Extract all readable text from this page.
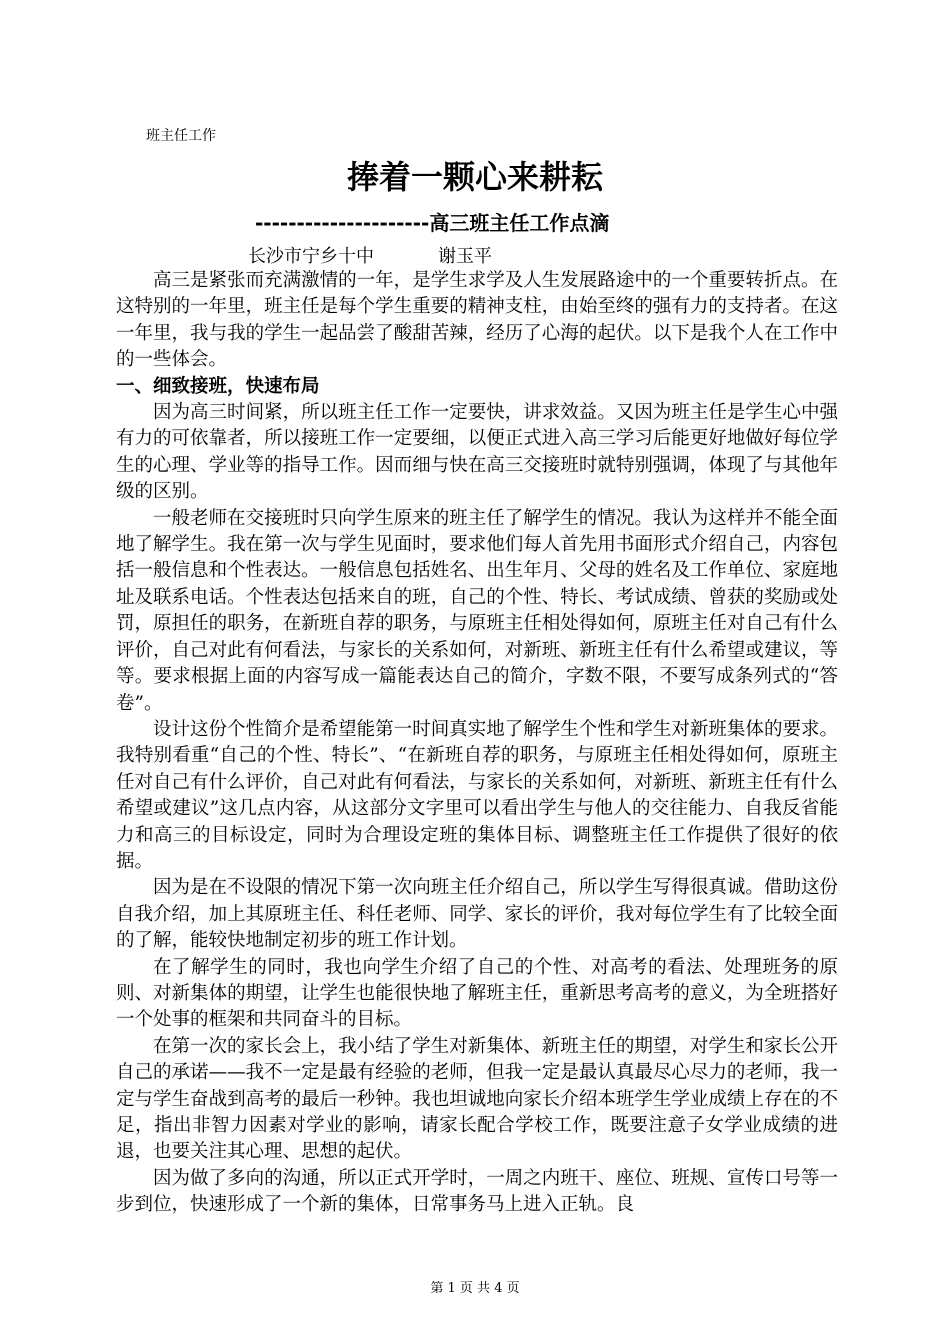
班主任工作
捧着一颗心来耕耘
---------------------高三班主任工作点滴
长沙市宁乡十中	谢玉平

高三是紧张而充满激情的一年，是学生求学及人生发展路途中的一个重要转折点。在这特别的一年里，班主任是每个学生重要的精神支柱，由始至终的强有力的支持者。在这一年里，我与我的学生一起品尝了酸甜苦辣，经历了心海的起伏。以下是我个人在工作中的一些体会。

一、细致接班，快速布局

因为高三时间紧，所以班主任工作一定要快，讲求效益。又因为班主任是学生心中强有力的可依靠者，所以接班工作一定要细，以便正式进入高三学习后能更好地做好每位学生的心理、学业等的指导工作。因而细与快在高三交接班时就特别强调，体现了与其他年级的区别。

一般老师在交接班时只向学生原来的班主任了解学生的情况。我认为这样并不能全面地了解学生。我在第一次与学生见面时，要求他们每人首先用书面形式介绍自己，内容包括一般信息和个性表达。一般信息包括姓名、出生年月、父母的姓名及工作单位、家庭地址及联系电话。个性表达包括来自的班，自己的个性、特长、考试成绩、曾获的奖励或处罚，原担任的职务，在新班自荐的职务，与原班主任相处得如何，原班主任对自己有什么评价，自己对此有何看法，与家长的关系如何，对新班、新班主任有什么希望或建议，等等。要求根据上面的内容写成一篇能表达自己的简介，字数不限，不要写成条列式的“答卷”。

设计这份个性简介是希望能第一时间真实地了解学生个性和学生对新班集体的要求。我特别看重“自己的个性、特长”、“在新班自荐的职务，与原班主任相处得如何，原班主任对自己有什么评价，自己对此有何看法，与家长的关系如何，对新班、新班主任有什么希望或建议”这几点内容，从这部分文字里可以看出学生与他人的交往能力、自我反省能力和高三的目标设定，同时为合理设定班的集体目标、调整班主任工作提供了很好的依据。

因为是在不设限的情况下第一次向班主任介绍自己，所以学生写得很真诚。借助这份自我介绍，加上其原班主任、科任老师、同学、家长的评价，我对每位学生有了比较全面的了解，能较快地制定初步的班工作计划。

在了解学生的同时，我也向学生介绍了自己的个性、对高考的看法、处理班务的原则、对新集体的期望，让学生也能很快地了解班主任，重新思考高考的意义，为全班搭好一个处事的框架和共同奋斗的目标。

在第一次的家长会上，我小结了学生对新集体、新班主任的期望，对学生和家长公开自己的承诺——我不一定是最有经验的老师，但我一定是最认真最尽心尽力的老师，我一定与学生奋战到高考的最后一秒钟。我也坦诚地向家长介绍本班学生学业成绩上存在的不足，指出非智力因素对学业的影响，请家长配合学校工作，既要注意子女学业成绩的进退，也要关注其心理、思想的起伏。

因为做了多向的沟通，所以正式开学时，一周之内班干、座位、班规、宣传口号等一步到位，快速形成了一个新的集体，日常事务马上进入正轨。良

第 1 页 共 4 页
